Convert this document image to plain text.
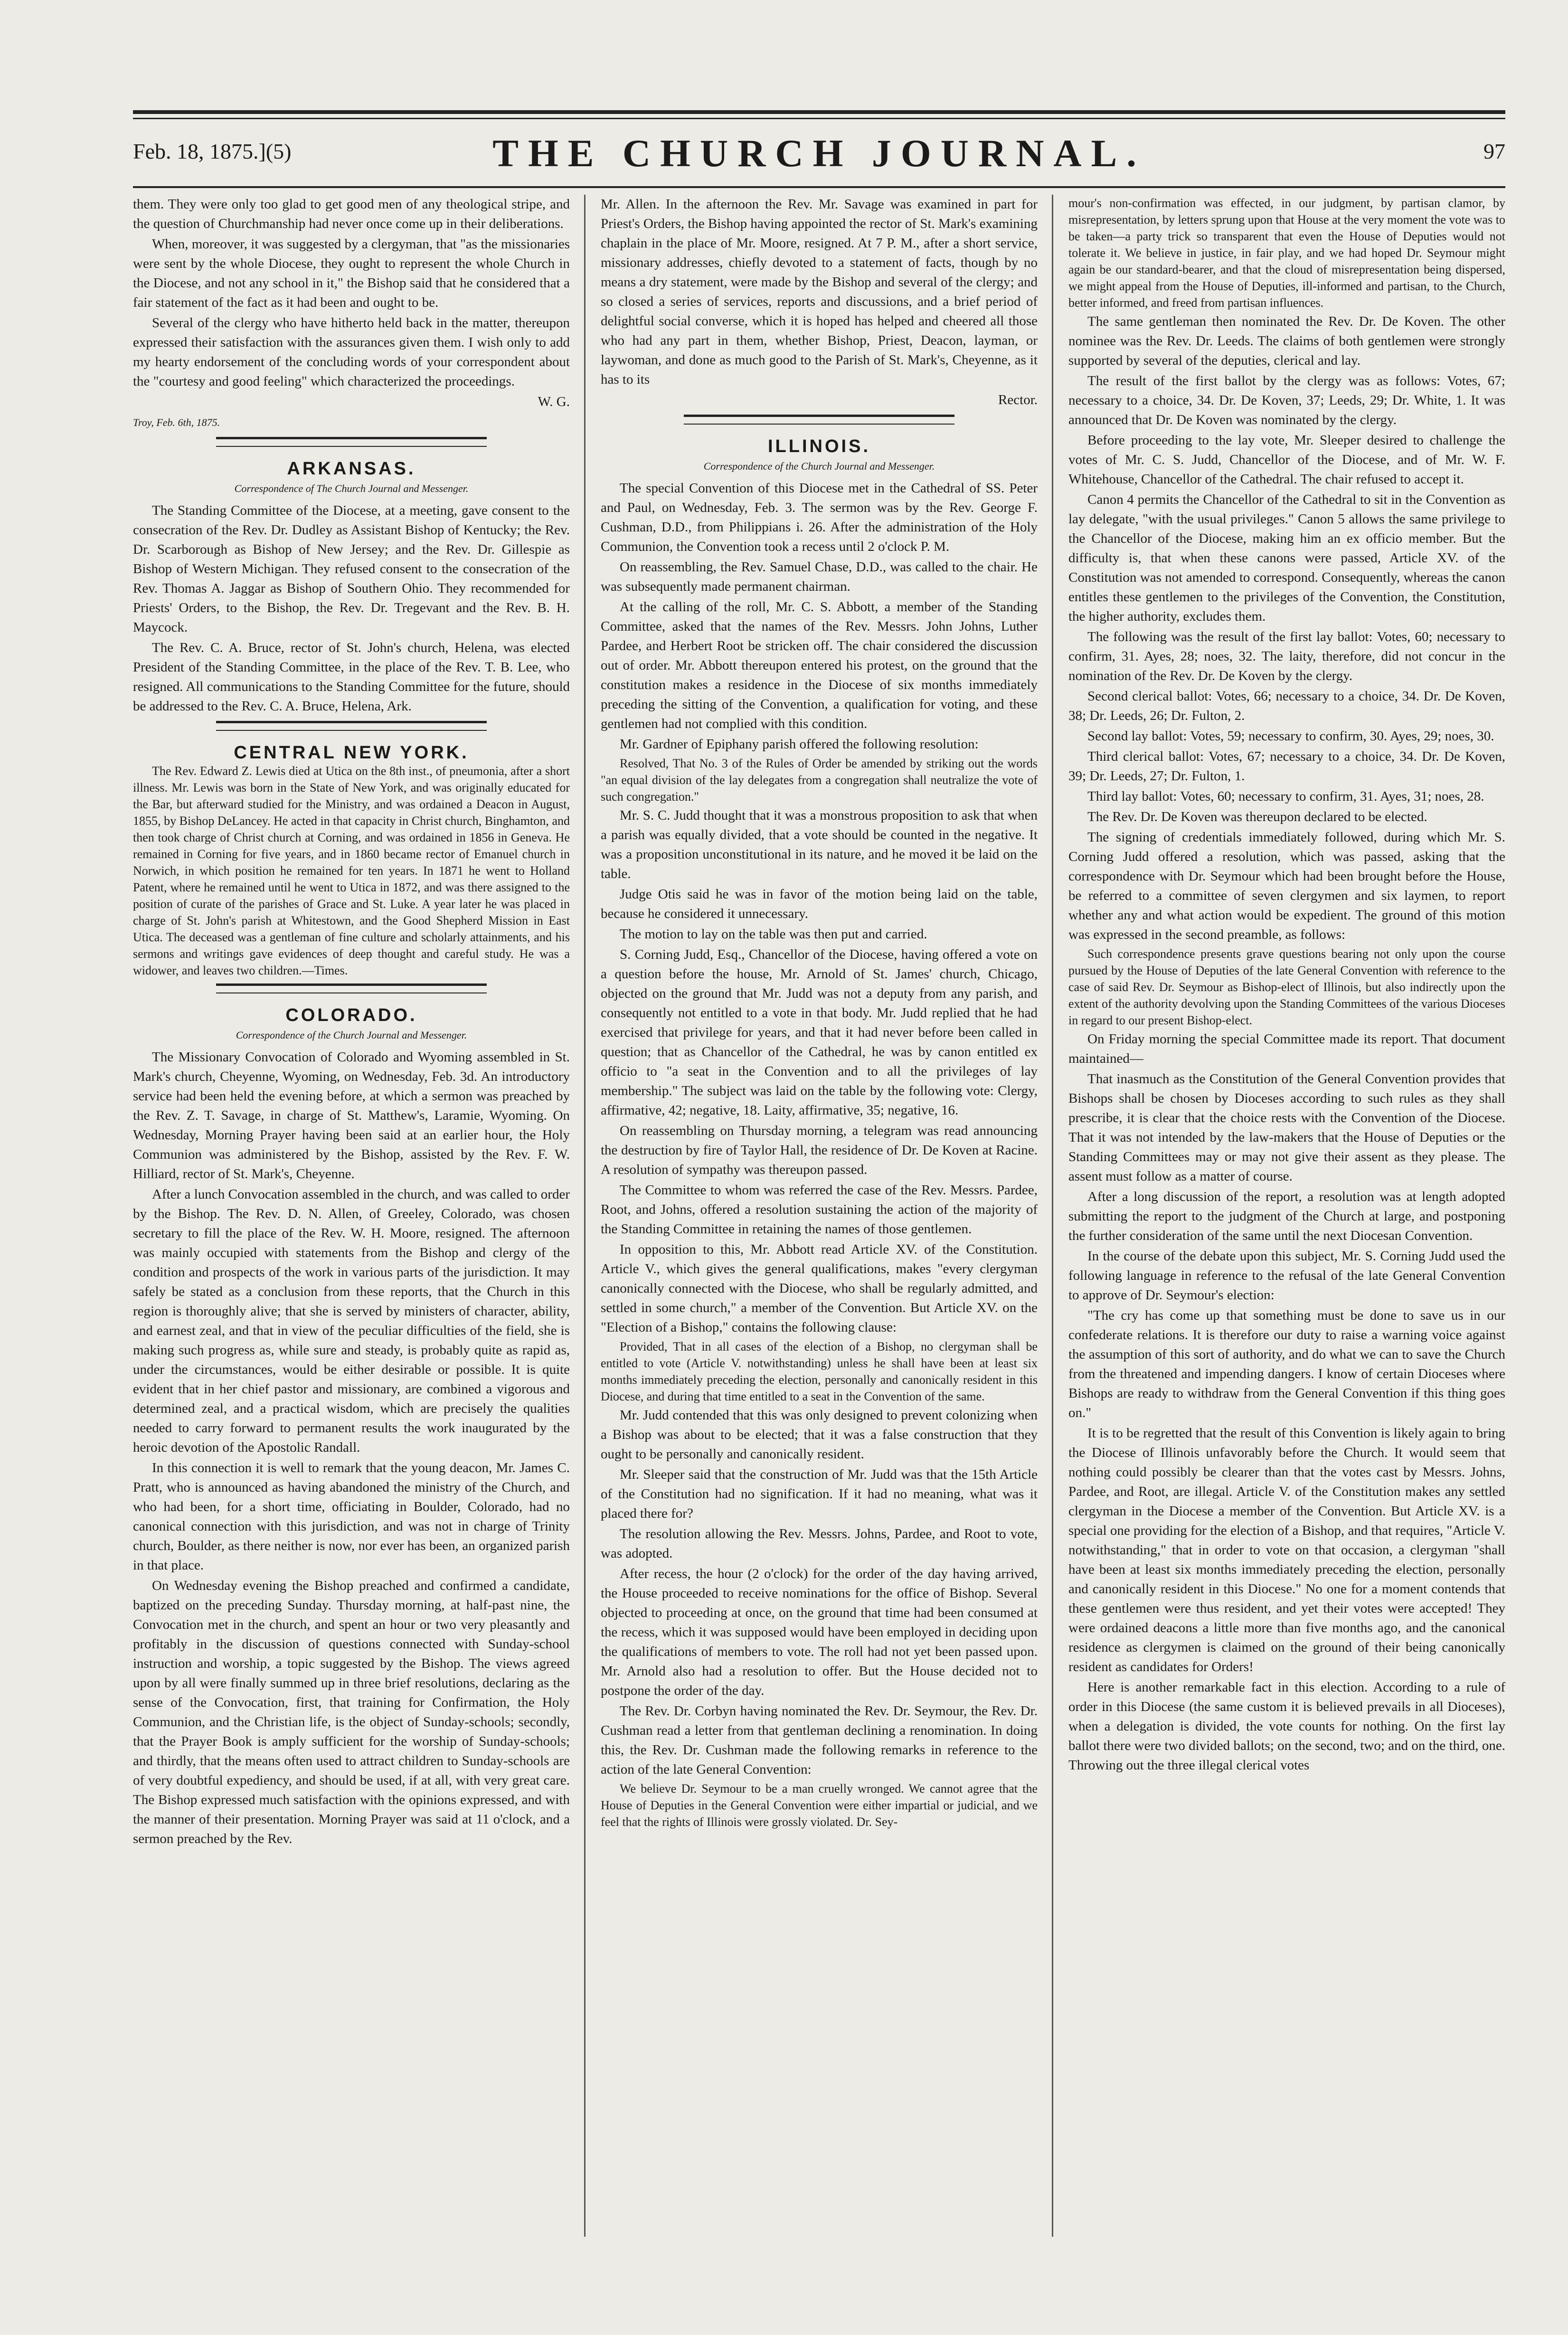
Feb. 18, 1875.](5)	THE CHURCH JOURNAL.	97

them. They were only too glad to get good men of any theological stripe, and the question of Churchmanship had never once come up in their deliberations.

When, moreover, it was suggested by a clergyman, that "as the missionaries were sent by the whole Diocese, they ought to represent the whole Church in the Diocese, and not any school in it," the Bishop said that he considered that a fair statement of the fact as it had been and ought to be.

Several of the clergy who have hitherto held back in the matter, thereupon expressed their satisfaction with the assurances given them. I wish only to add my hearty endorsement of the concluding words of your correspondent about the "courtesy and good feeling" which characterized the proceedings.

W. G.

Troy, Feb. 6th, 1875.

ARKANSAS.
Correspondence of The Church Journal and Messenger.

The Standing Committee of the Diocese, at a meeting, gave consent to the consecration of the Rev. Dr. Dudley as Assistant Bishop of Kentucky; the Rev. Dr. Scarborough as Bishop of New Jersey; and the Rev. Dr. Gillespie as Bishop of Western Michigan. They refused consent to the consecration of the Rev. Thomas A. Jaggar as Bishop of Southern Ohio. They recommended for Priests' Orders, to the Bishop, the Rev. Dr. Tregevant and the Rev. B. H. Maycock.

The Rev. C. A. Bruce, rector of St. John's church, Helena, was elected President of the Standing Committee, in the place of the Rev. T. B. Lee, who resigned. All communications to the Standing Committee for the future, should be addressed to the Rev. C. A. Bruce, Helena, Ark.

CENTRAL NEW YORK.

The Rev. Edward Z. Lewis died at Utica on the 8th inst., of pneumonia, after a short illness. Mr. Lewis was born in the State of New York, and was originally educated for the Bar, but afterward studied for the Ministry, and was ordained a Deacon in August, 1855, by Bishop DeLancey. He acted in that capacity in Christ church, Binghamton, and then took charge of Christ church at Corning, and was ordained in 1856 in Geneva. He remained in Corning for five years, and in 1860 became rector of Emanuel church in Norwich, in which position he remained for ten years. In 1871 he went to Holland Patent, where he remained until he went to Utica in 1872, and was there assigned to the position of curate of the parishes of Grace and St. Luke. A year later he was placed in charge of St. John's parish at Whitestown, and the Good Shepherd Mission in East Utica. The deceased was a gentleman of fine culture and scholarly attainments, and his sermons and writings gave evidences of deep thought and careful study. He was a widower, and leaves two children.—Times.

COLORADO.
Correspondence of the Church Journal and Messenger.

The Missionary Convocation of Colorado and Wyoming assembled in St. Mark's church, Cheyenne, Wyoming, on Wednesday, Feb. 3d. An introductory service had been held the evening before, at which a sermon was preached by the Rev. Z. T. Savage, in charge of St. Matthew's, Laramie, Wyoming. On Wednesday, Morning Prayer having been said at an earlier hour, the Holy Communion was administered by the Bishop, assisted by the Rev. F. W. Hilliard, rector of St. Mark's, Cheyenne.

After a lunch Convocation assembled in the church, and was called to order by the Bishop. The Rev. D. N. Allen, of Greeley, Colorado, was chosen secretary to fill the place of the Rev. W. H. Moore, resigned. The afternoon was mainly occupied with statements from the Bishop and clergy of the condition and prospects of the work in various parts of the jurisdiction. It may safely be stated as a conclusion from these reports, that the Church in this region is thoroughly alive; that she is served by ministers of character, ability, and earnest zeal, and that in view of the peculiar difficulties of the field, she is making such progress as, while sure and steady, is probably quite as rapid as, under the circumstances, would be either desirable or possible. It is quite evident that in her chief pastor and missionary, are combined a vigorous and determined zeal, and a practical wisdom, which are precisely the qualities needed to carry forward to permanent results the work inaugurated by the heroic devotion of the Apostolic Randall.

In this connection it is well to remark that the young deacon, Mr. James C. Pratt, who is announced as having abandoned the ministry of the Church, and who had been, for a short time, officiating in Boulder, Colorado, had no canonical connection with this jurisdiction, and was not in charge of Trinity church, Boulder, as there neither is now, nor ever has been, an organized parish in that place.

On Wednesday evening the Bishop preached and confirmed a candidate, baptized on the preceding Sunday. Thursday morning, at half-past nine, the Convocation met in the church, and spent an hour or two very pleasantly and profitably in the discussion of questions connected with Sunday-school instruction and worship, a topic suggested by the Bishop. The views agreed upon by all were finally summed up in three brief resolutions, declaring as the sense of the Convocation, first, that training for Confirmation, the Holy Communion, and the Christian life, is the object of Sunday-schools; secondly, that the Prayer Book is amply sufficient for the worship of Sunday-schools; and thirdly, that the means often used to attract children to Sunday-schools are of very doubtful expediency, and should be used, if at all, with very great care. The Bishop expressed much satisfaction with the opinions expressed, and with the manner of their presentation. Morning Prayer was said at 11 o'clock, and a sermon preached by the Rev.

Mr. Allen. In the afternoon the Rev. Mr. Savage was examined in part for Priest's Orders, the Bishop having appointed the rector of St. Mark's examining chaplain in the place of Mr. Moore, resigned. At 7 P. M., after a short service, missionary addresses, chiefly devoted to a statement of facts, though by no means a dry statement, were made by the Bishop and several of the clergy; and so closed a series of services, reports and discussions, and a brief period of delightful social converse, which it is hoped has helped and cheered all those who had any part in them, whether Bishop, Priest, Deacon, layman, or laywoman, and done as much good to the Parish of St. Mark's, Cheyenne, as it has to its

Rector.

ILLINOIS.
Correspondence of the Church Journal and Messenger.

The special Convention of this Diocese met in the Cathedral of SS. Peter and Paul, on Wednesday, Feb. 3. The sermon was by the Rev. George F. Cushman, D.D., from Philippians i. 26. After the administration of the Holy Communion, the Convention took a recess until 2 o'clock P. M.

On reassembling, the Rev. Samuel Chase, D.D., was called to the chair. He was subsequently made permanent chairman.

At the calling of the roll, Mr. C. S. Abbott, a member of the Standing Committee, asked that the names of the Rev. Messrs. John Johns, Luther Pardee, and Herbert Root be stricken off. The chair considered the discussion out of order. Mr. Abbott thereupon entered his protest, on the ground that the constitution makes a residence in the Diocese of six months immediately preceding the sitting of the Convention, a qualification for voting, and these gentlemen had not complied with this condition.

Mr. Gardner of Epiphany parish offered the following resolution:

Resolved, That No. 3 of the Rules of Order be amended by striking out the words "an equal division of the lay delegates from a congregation shall neutralize the vote of such congregation."

Mr. S. C. Judd thought that it was a monstrous proposition to ask that when a parish was equally divided, that a vote should be counted in the negative. It was a proposition unconstitutional in its nature, and he moved it be laid on the table.

Judge Otis said he was in favor of the motion being laid on the table, because he considered it unnecessary.

The motion to lay on the table was then put and carried.

S. Corning Judd, Esq., Chancellor of the Diocese, having offered a vote on a question before the house, Mr. Arnold of St. James' church, Chicago, objected on the ground that Mr. Judd was not a deputy from any parish, and consequently not entitled to a vote in that body. Mr. Judd replied that he had exercised that privilege for years, and that it had never before been called in question; that as Chancellor of the Cathedral, he was by canon entitled ex officio to "a seat in the Convention and to all the privileges of lay membership." The subject was laid on the table by the following vote: Clergy, affirmative, 42; negative, 18. Laity, affirmative, 35; negative, 16.

On reassembling on Thursday morning, a telegram was read announcing the destruction by fire of Taylor Hall, the residence of Dr. De Koven at Racine. A resolution of sympathy was thereupon passed.

The Committee to whom was referred the case of the Rev. Messrs. Pardee, Root, and Johns, offered a resolution sustaining the action of the majority of the Standing Committee in retaining the names of those gentlemen.

In opposition to this, Mr. Abbott read Article XV. of the Constitution. Article V., which gives the general qualifications, makes "every clergyman canonically connected with the Diocese, who shall be regularly admitted, and settled in some church," a member of the Convention. But Article XV. on the "Election of a Bishop," contains the following clause:

Provided, That in all cases of the election of a Bishop, no clergyman shall be entitled to vote (Article V. notwithstanding) unless he shall have been at least six months immediately preceding the election, personally and canonically resident in this Diocese, and during that time entitled to a seat in the Convention of the same.

Mr. Judd contended that this was only designed to prevent colonizing when a Bishop was about to be elected; that it was a false construction that they ought to be personally and canonically resident.

Mr. Sleeper said that the construction of Mr. Judd was that the 15th Article of the Constitution had no signification. If it had no meaning, what was it placed there for?

The resolution allowing the Rev. Messrs. Johns, Pardee, and Root to vote, was adopted.

After recess, the hour (2 o'clock) for the order of the day having arrived, the House proceeded to receive nominations for the office of Bishop. Several objected to proceeding at once, on the ground that time had been consumed at the recess, which it was supposed would have been employed in deciding upon the qualifications of members to vote. The roll had not yet been passed upon. Mr. Arnold also had a resolution to offer. But the House decided not to postpone the order of the day.

The Rev. Dr. Corbyn having nominated the Rev. Dr. Seymour, the Rev. Dr. Cushman read a letter from that gentleman declining a renomination. In doing this, the Rev. Dr. Cushman made the following remarks in reference to the action of the late General Convention:

We believe Dr. Seymour to be a man cruelly wronged. We cannot agree that the House of Deputies in the General Convention were either impartial or judicial, and we feel that the rights of Illinois were grossly violated. Dr. Sey-

mour's non-confirmation was effected, in our judgment, by partisan clamor, by misrepresentation, by letters sprung upon that House at the very moment the vote was to be taken—a party trick so transparent that even the House of Deputies would not tolerate it. We believe in justice, in fair play, and we had hoped Dr. Seymour might again be our standard-bearer, and that the cloud of misrepresentation being dispersed, we might appeal from the House of Deputies, ill-informed and partisan, to the Church, better informed, and freed from partisan influences.

The same gentleman then nominated the Rev. Dr. De Koven. The other nominee was the Rev. Dr. Leeds. The claims of both gentlemen were strongly supported by several of the deputies, clerical and lay.

The result of the first ballot by the clergy was as follows: Votes, 67; necessary to a choice, 34. Dr. De Koven, 37; Leeds, 29; Dr. White, 1. It was announced that Dr. De Koven was nominated by the clergy.

Before proceeding to the lay vote, Mr. Sleeper desired to challenge the votes of Mr. C. S. Judd, Chancellor of the Diocese, and of Mr. W. F. Whitehouse, Chancellor of the Cathedral. The chair refused to accept it.

Canon 4 permits the Chancellor of the Cathedral to sit in the Convention as lay delegate, "with the usual privileges." Canon 5 allows the same privilege to the Chancellor of the Diocese, making him an ex officio member. But the difficulty is, that when these canons were passed, Article XV. of the Constitution was not amended to correspond. Consequently, whereas the canon entitles these gentlemen to the privileges of the Convention, the Constitution, the higher authority, excludes them.

The following was the result of the first lay ballot: Votes, 60; necessary to confirm, 31. Ayes, 28; noes, 32. The laity, therefore, did not concur in the nomination of the Rev. Dr. De Koven by the clergy.

Second clerical ballot: Votes, 66; necessary to a choice, 34. Dr. De Koven, 38; Dr. Leeds, 26; Dr. Fulton, 2.

Second lay ballot: Votes, 59; necessary to confirm, 30. Ayes, 29; noes, 30.

Third clerical ballot: Votes, 67; necessary to a choice, 34. Dr. De Koven, 39; Dr. Leeds, 27; Dr. Fulton, 1.

Third lay ballot: Votes, 60; necessary to confirm, 31. Ayes, 31; noes, 28.

The Rev. Dr. De Koven was thereupon declared to be elected.

The signing of credentials immediately followed, during which Mr. S. Corning Judd offered a resolution, which was passed, asking that the correspondence with Dr. Seymour which had been brought before the House, be referred to a committee of seven clergymen and six laymen, to report whether any and what action would be expedient. The ground of this motion was expressed in the second preamble, as follows:

Such correspondence presents grave questions bearing not only upon the course pursued by the House of Deputies of the late General Convention with reference to the case of said Rev. Dr. Seymour as Bishop-elect of Illinois, but also indirectly upon the extent of the authority devolving upon the Standing Committees of the various Dioceses in regard to our present Bishop-elect.

On Friday morning the special Committee made its report. That document maintained—

That inasmuch as the Constitution of the General Convention provides that Bishops shall be chosen by Dioceses according to such rules as they shall prescribe, it is clear that the choice rests with the Convention of the Diocese. That it was not intended by the law-makers that the House of Deputies or the Standing Committees may or may not give their assent as they please. The assent must follow as a matter of course.

After a long discussion of the report, a resolution was at length adopted submitting the report to the judgment of the Church at large, and postponing the further consideration of the same until the next Diocesan Convention.

In the course of the debate upon this subject, Mr. S. Corning Judd used the following language in reference to the refusal of the late General Convention to approve of Dr. Seymour's election:

"The cry has come up that something must be done to save us in our confederate relations. It is therefore our duty to raise a warning voice against the assumption of this sort of authority, and do what we can to save the Church from the threatened and impending dangers. I know of certain Dioceses where Bishops are ready to withdraw from the General Convention if this thing goes on."

It is to be regretted that the result of this Convention is likely again to bring the Diocese of Illinois unfavorably before the Church. It would seem that nothing could possibly be clearer than that the votes cast by Messrs. Johns, Pardee, and Root, are illegal. Article V. of the Constitution makes any settled clergyman in the Diocese a member of the Convention. But Article XV. is a special one providing for the election of a Bishop, and that requires, "Article V. notwithstanding," that in order to vote on that occasion, a clergyman "shall have been at least six months immediately preceding the election, personally and canonically resident in this Diocese." No one for a moment contends that these gentlemen were thus resident, and yet their votes were accepted! They were ordained deacons a little more than five months ago, and the canonical residence as clergymen is claimed on the ground of their being canonically resident as candidates for Orders!

Here is another remarkable fact in this election. According to a rule of order in this Diocese (the same custom it is believed prevails in all Dioceses), when a delegation is divided, the vote counts for nothing. On the first lay ballot there were two divided ballots; on the second, two; and on the third, one. Throwing out the three illegal clerical votes
